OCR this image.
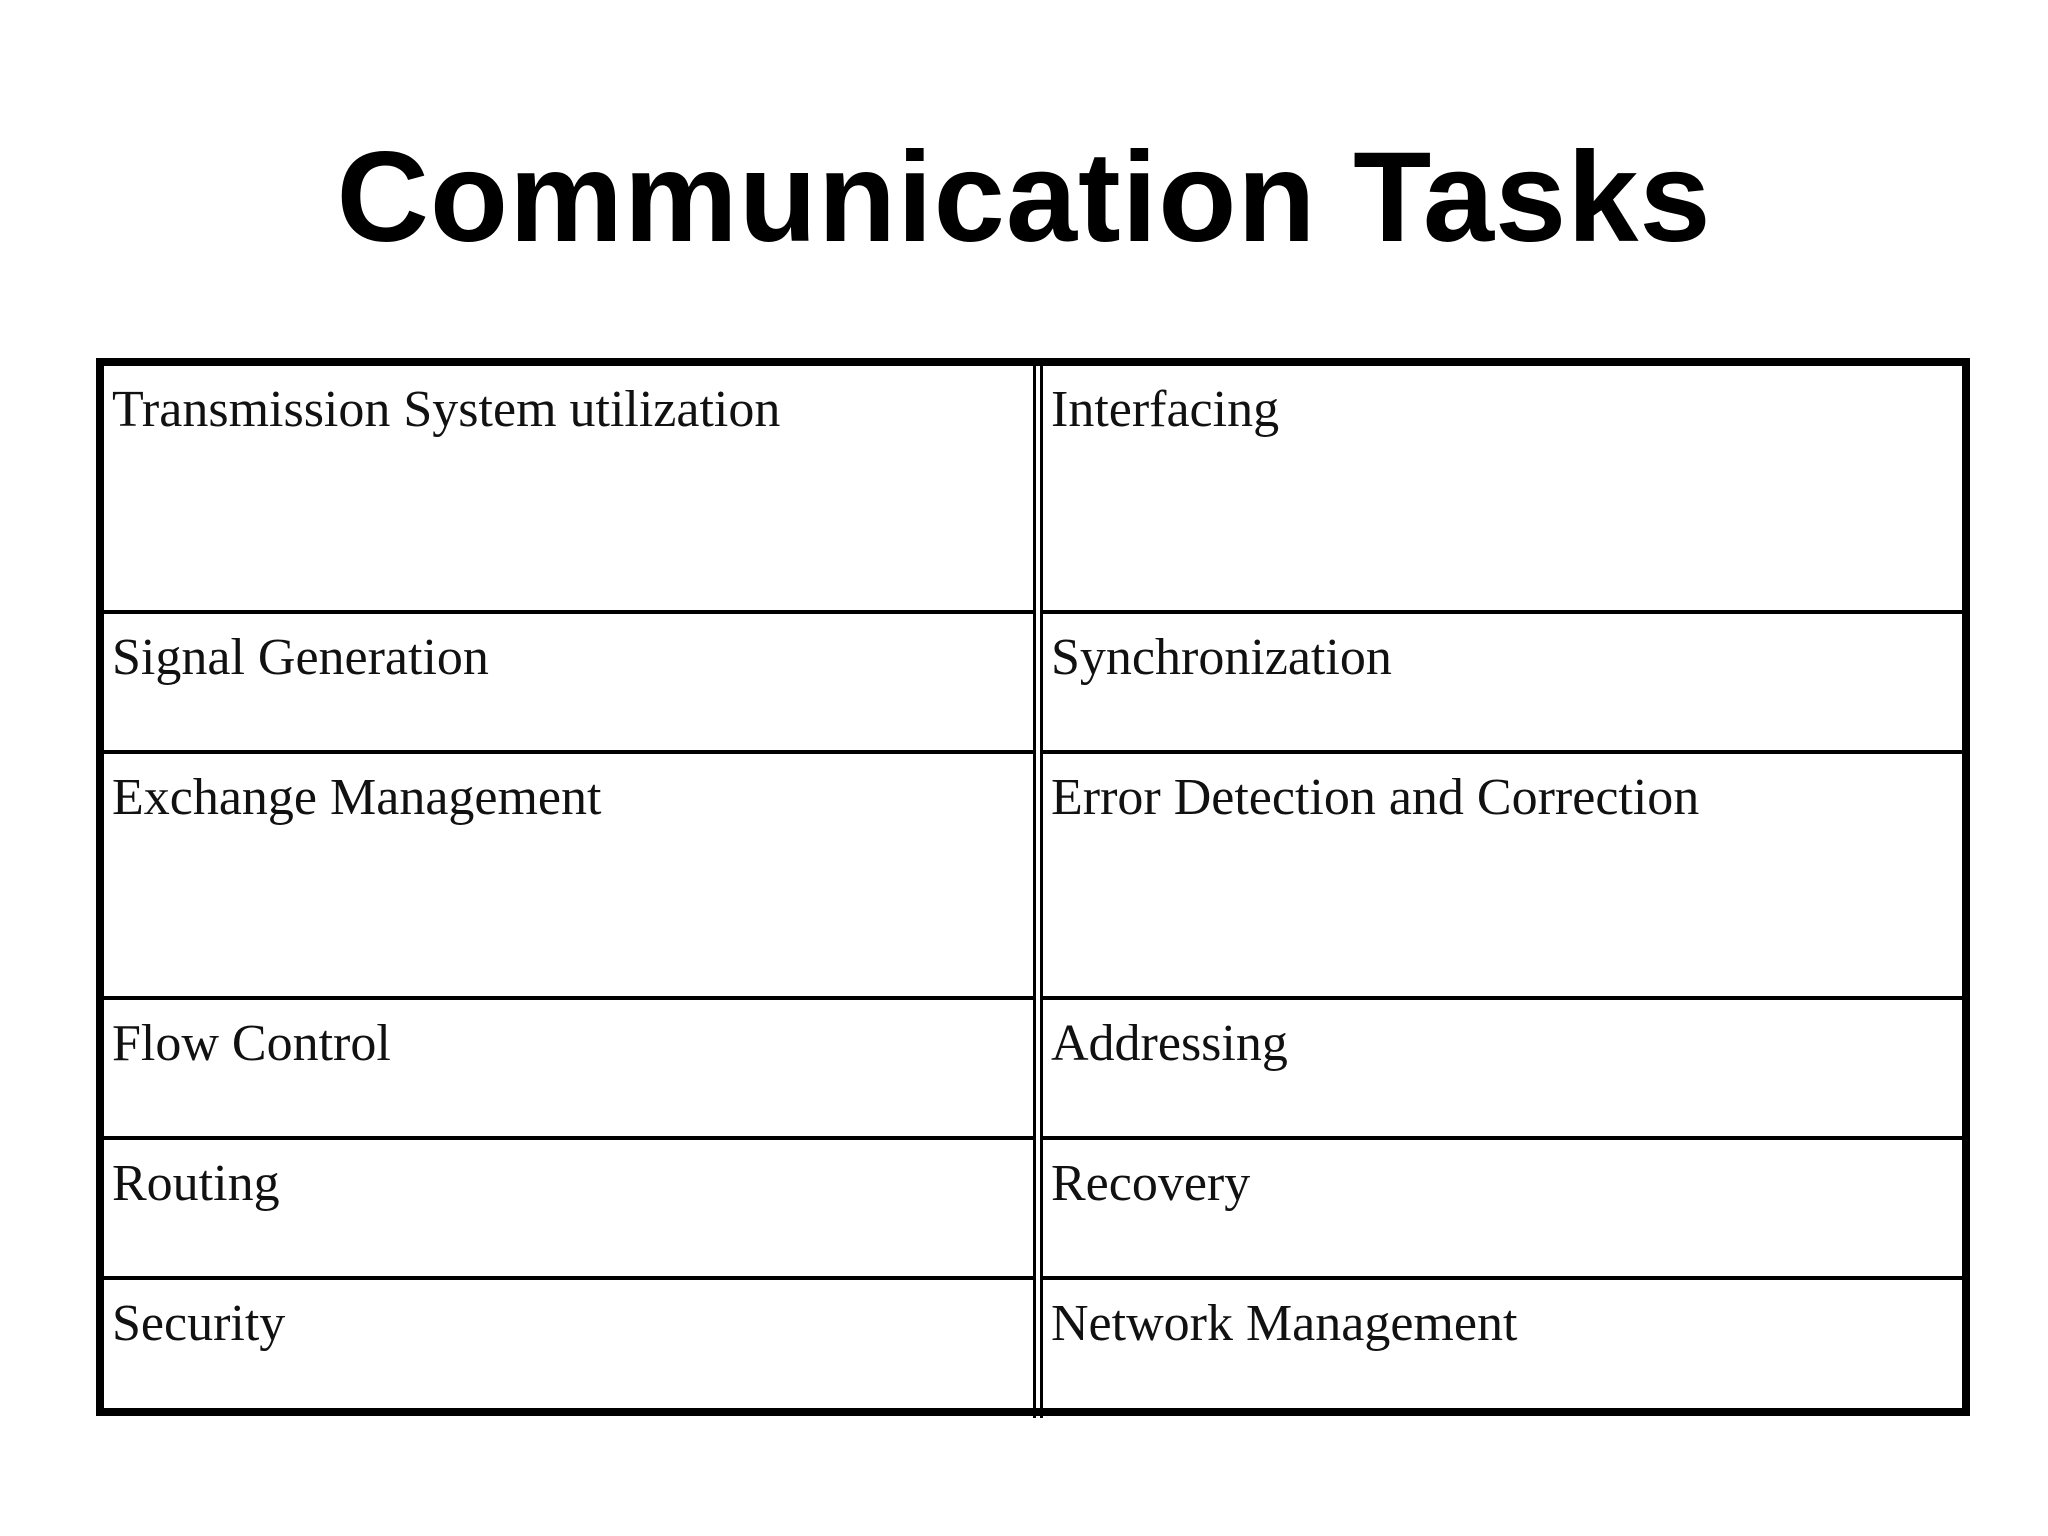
Communication Tasks
Transmission System utilization	Interfacing
Signal Generation	Synchronization
Exchange Management	Error Detection and Correction
Flow Control	Addressing
Routing	Recovery
Security	Network Management
